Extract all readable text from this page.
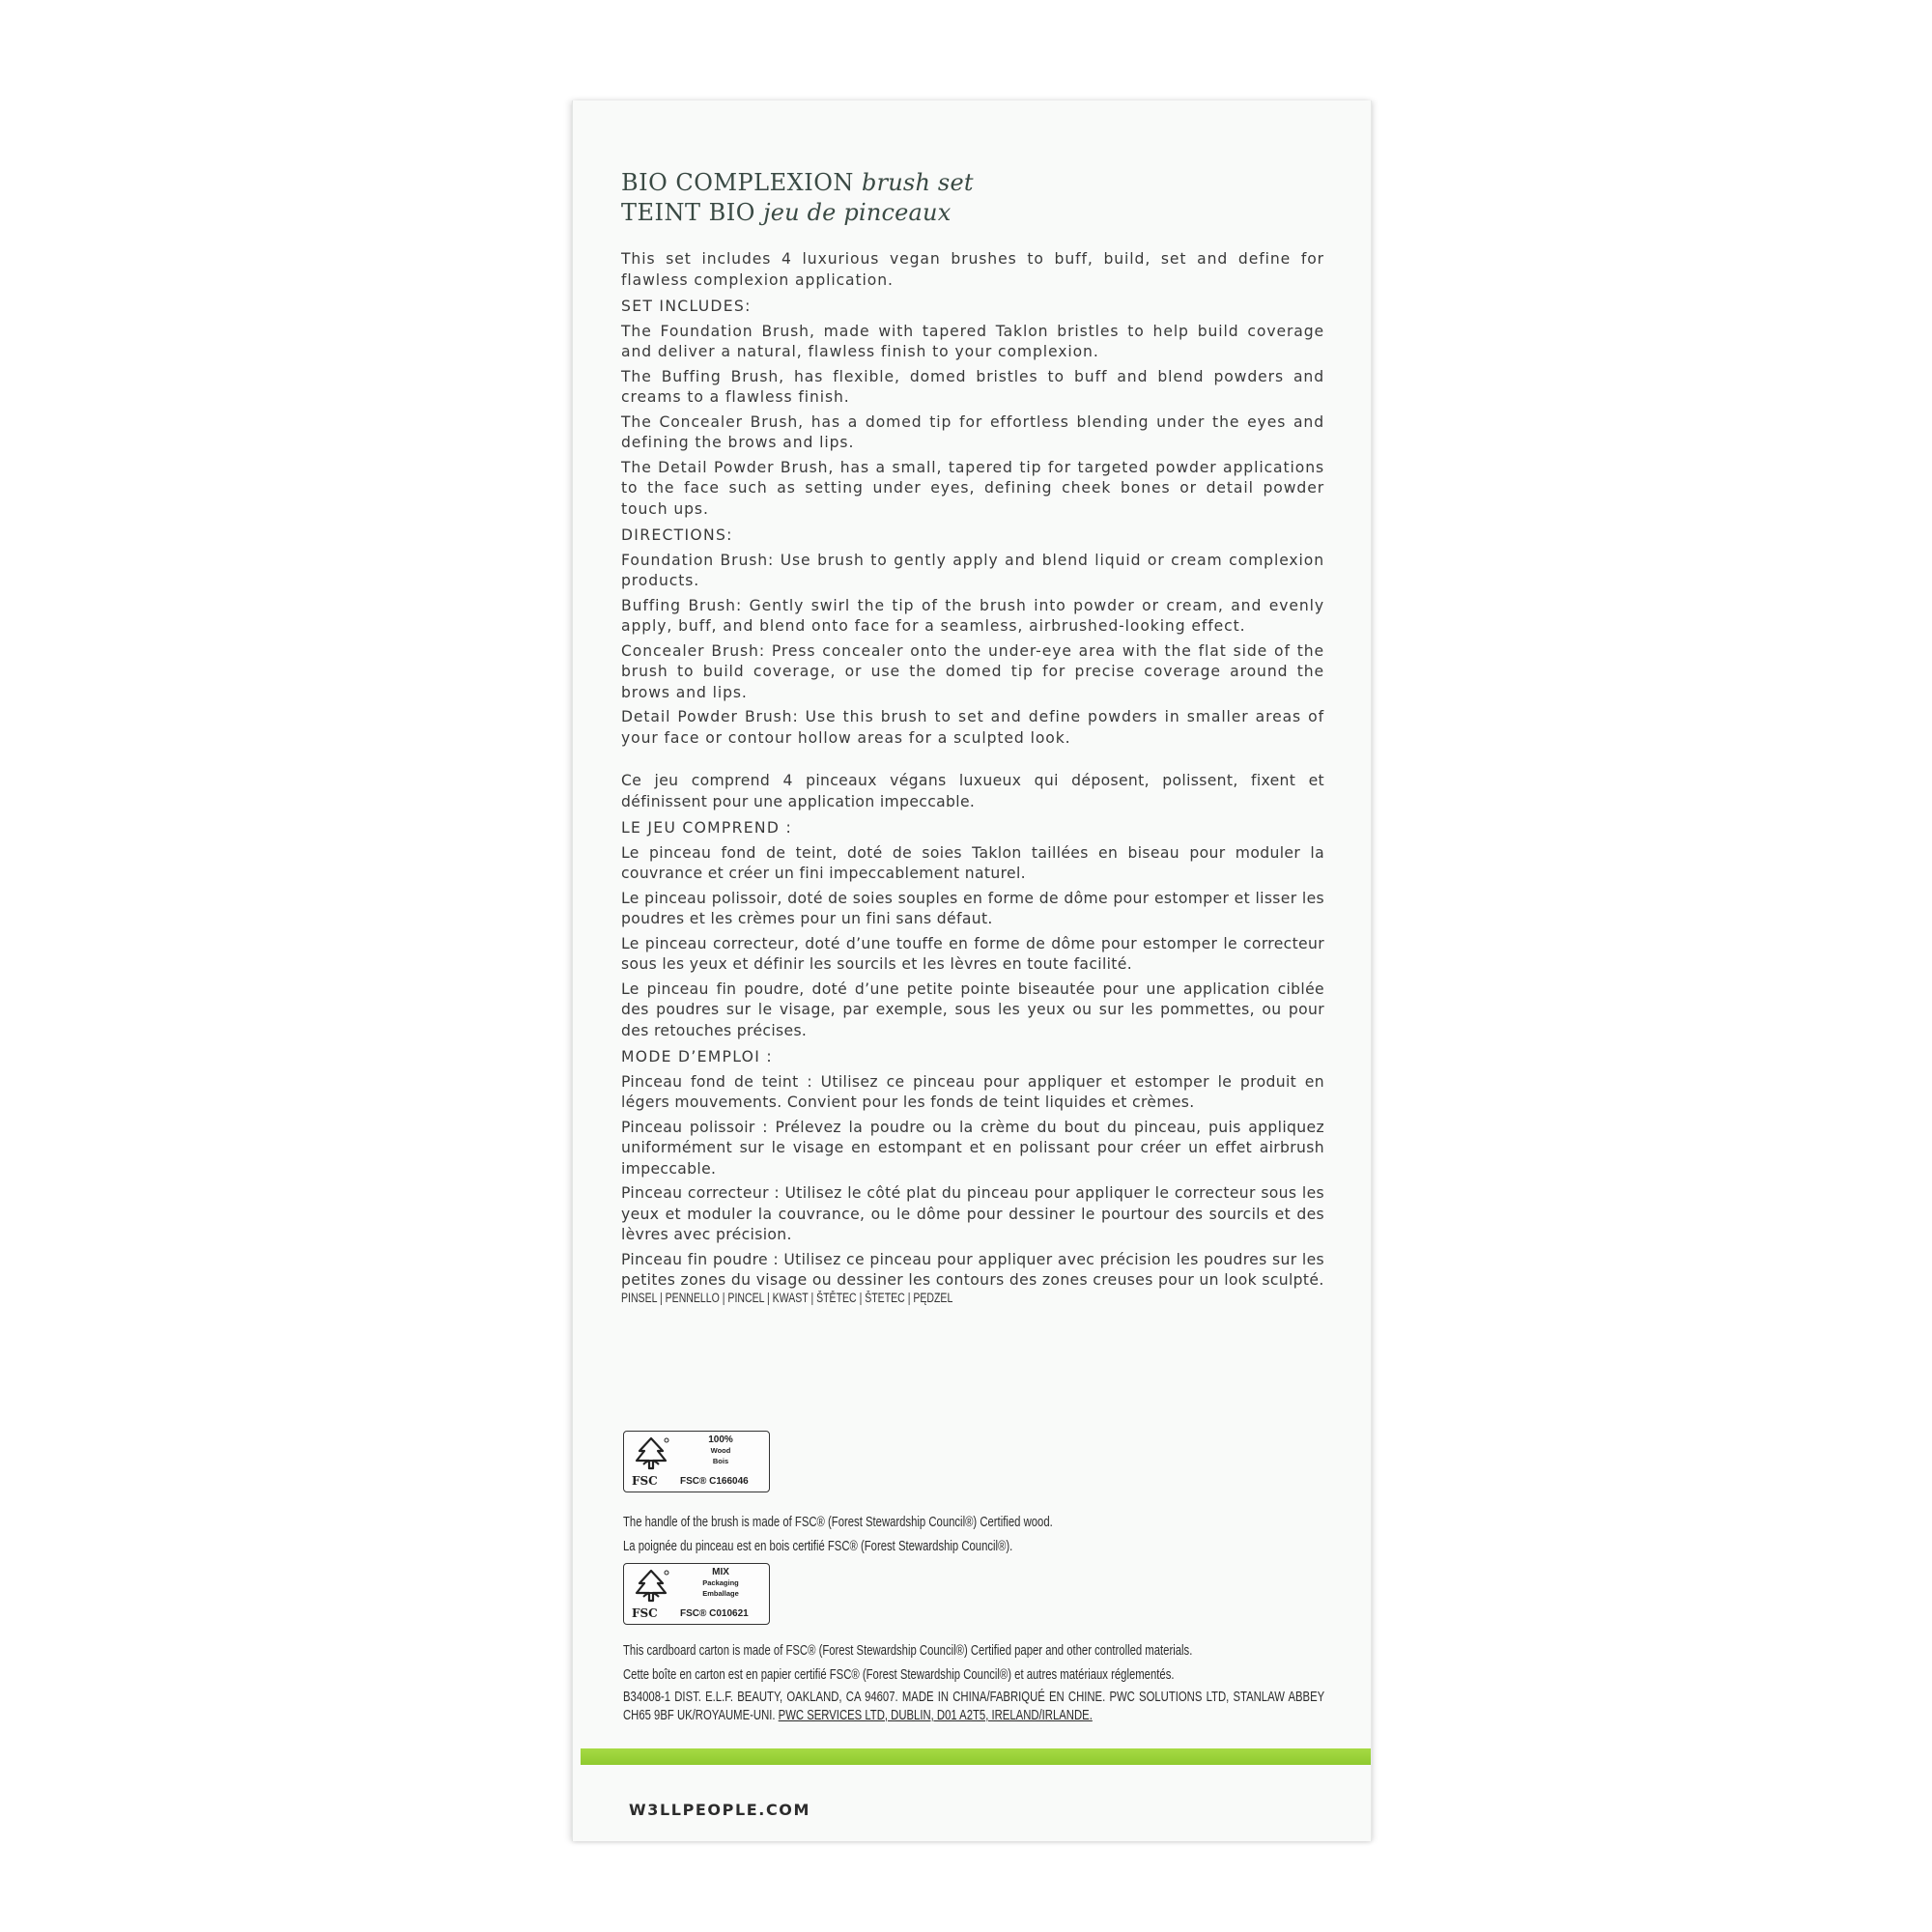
BIO COMPLEXION brush set

TEINT BIO jeu de pinceaux

This set includes 4 luxurious vegan brushes to buff, build, set and define for flawless complexion application.

SET INCLUDES:

The Foundation Brush, made with tapered Taklon bristles to help build coverage and deliver a natural, flawless finish to your complexion.

The Buffing Brush, has flexible, domed bristles to buff and blend powders and creams to a flawless finish.

The Concealer Brush, has a domed tip for effortless blending under the eyes and defining the brows and lips.

The Detail Powder Brush, has a small, tapered tip for targeted powder applications to the face such as setting under eyes, defining cheek bones or detail powder touch ups.

DIRECTIONS:

Foundation Brush: Use brush to gently apply and blend liquid or cream complexion products.

Buffing Brush: Gently swirl the tip of the brush into powder or cream, and evenly apply, buff, and blend onto face for a seamless, airbrushed-looking effect.

Concealer Brush: Press concealer onto the under-eye area with the flat side of the brush to build coverage, or use the domed tip for precise coverage around the brows and lips.

Detail Powder Brush: Use this brush to set and define powders in smaller areas of your face or contour hollow areas for a sculpted look.

Ce jeu comprend 4 pinceaux végans luxueux qui déposent, polissent, fixent et définissent pour une application impeccable.

LE JEU COMPREND :

Le pinceau fond de teint, doté de soies Taklon taillées en biseau pour moduler la couvrance et créer un fini impeccablement naturel.

Le pinceau polissoir, doté de soies souples en forme de dôme pour estomper et lisser les poudres et les crèmes pour un fini sans défaut.

Le pinceau correcteur, doté d’une touffe en forme de dôme pour estomper le correcteur sous les yeux et définir les sourcils et les lèvres en toute facilité.

Le pinceau fin poudre, doté d’une petite pointe biseautée pour une application ciblée des poudres sur le visage, par exemple, sous les yeux ou sur les pommettes, ou pour des retouches précises.

MODE D’EMPLOI :

Pinceau fond de teint : Utilisez ce pinceau pour appliquer et estomper le produit en légers mouvements. Convient pour les fonds de teint liquides et crèmes.

Pinceau polissoir : Prélevez la poudre ou la crème du bout du pinceau, puis appliquez uniformément sur le visage en estompant et en polissant pour créer un effet airbrush impeccable.

Pinceau correcteur : Utilisez le côté plat du pinceau pour appliquer le correcteur sous les yeux et moduler la couvrance, ou le dôme pour dessiner le pourtour des sourcils et des lèvres avec précision.

Pinceau fin poudre : Utilisez ce pinceau pour appliquer avec précision les poudres sur les petites zones du visage ou dessiner les contours des zones creuses pour un look sculpté.

PINSEL | PENNELLO | PINCEL | KWAST | ŠTĚTEC | ŠTETEC | PĘDZEL
FSC
100%
Wood
Bois
FSC® C166046
The handle of the brush is made of FSC® (Forest Stewardship Council®) Certified wood.
La poignée du pinceau est en bois certifié FSC® (Forest Stewardship Council®).
FSC
MIX
Packaging
Emballage
FSC® C010621
This cardboard carton is made of FSC® (Forest Stewardship Council®) Certified paper and other controlled materials.
Cette boîte en carton est en papier certifié FSC® (Forest Stewardship Council®) et autres matériaux réglementés.
B34008-1 DIST. E.L.F. BEAUTY, OAKLAND, CA 94607. MADE IN CHINA/FABRIQUÉ EN CHINE. PWC SOLUTIONS LTD, STANLAW ABBEY CH65 9BF UK/ROYAUME-UNI. PWC SERVICES LTD, DUBLIN, D01 A2T5, IRELAND/IRLANDE.
W3LLPEOPLE.COM
